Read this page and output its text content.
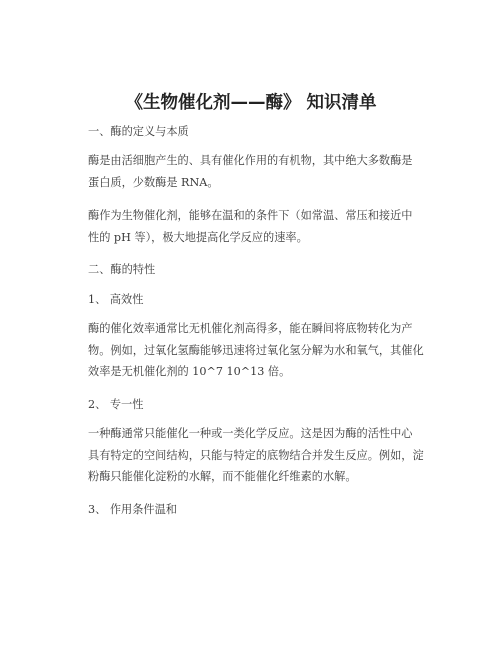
《生物催化剂——酶》 知识清单

一、酶的定义与本质

酶是由活细胞产生的、具有催化作用的有机物，其中绝大多数酶是
蛋白质，少数酶是 RNA。

酶作为生物催化剂，能够在温和的条件下（如常温、常压和接近中
性的 pH 等），极大地提高化学反应的速率。

二、酶的特性

1、 高效性

酶的催化效率通常比无机催化剂高得多，能在瞬间将底物转化为产
物。例如，过氧化氢酶能够迅速将过氧化氢分解为水和氧气，其催化
效率是无机催化剂的 10^7 10^13 倍。

2、 专一性

一种酶通常只能催化一种或一类化学反应。这是因为酶的活性中心
具有特定的空间结构，只能与特定的底物结合并发生反应。例如，淀
粉酶只能催化淀粉的水解，而不能催化纤维素的水解。

3、 作用条件温和
